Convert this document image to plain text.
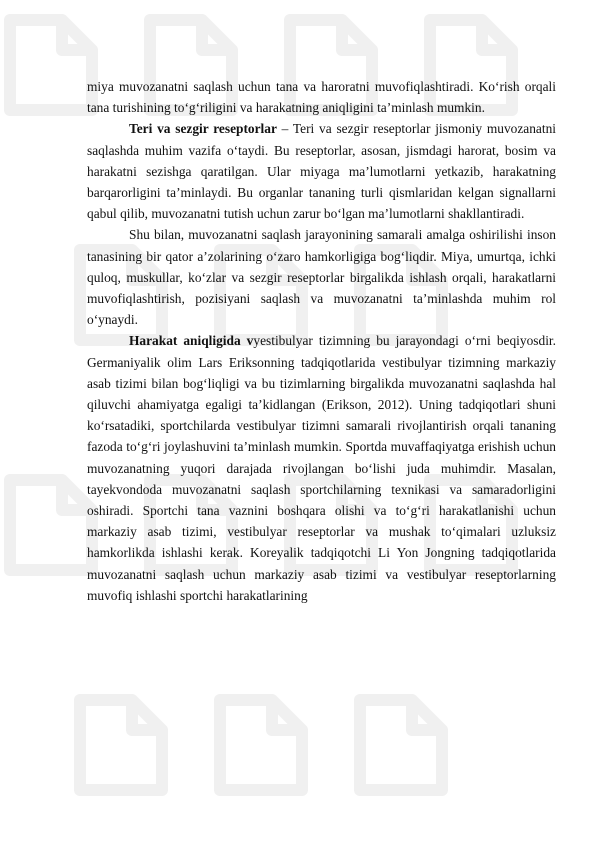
miya muvozanatni saqlash uchun tana va haroratni muvofiqlashtiradi. Ko‘rish orqali tana turishining to‘g‘riligini va harakatning aniqligini ta’minlash mumkin.

Teri va sezgir reseptorlar – Teri va sezgir reseptorlar jismoniy muvozanatni saqlashda muhim vazifa o‘taydi. Bu reseptorlar, asosan, jismdagi harorat, bosim va harakatni sezishga qaratilgan. Ular miyaga ma’lumotlarni yetkazib, harakatning barqarorligini ta’minlaydi. Bu organlar tananing turli qismlaridan kelgan signallarni qabul qilib, muvozanatni tutish uchun zarur bo‘lgan ma’lumotlarni shakllantiradi.

Shu bilan, muvozanatni saqlash jarayonining samarali amalga oshirilishi inson tanasining bir qator a’zolarining o‘zaro hamkorligiga bog‘liqdir. Miya, umurtqa, ichki quloq, muskullar, ko‘zlar va sezgir reseptorlar birgalikda ishlash orqali, harakatlarni muvofiqlashtirish, pozisiyani saqlash va muvozanatni ta’minlashda muhim rol o‘ynaydi.

Harakat aniqligida vyestibulyar tizimning bu jarayondagi o‘rni beqiyosdir. Germaniyalik olim Lars Eriksonning tadqiqotlarida vestibulyar tizimning markaziy asab tizimi bilan bog‘liqligi va bu tizimlarning birgalikda muvozanatni saqlashda hal qiluvchi ahamiyatga egaligi ta’kidlangan (Erikson, 2012). Uning tadqiqotlari shuni ko‘rsatadiki, sportchilarda vestibulyar tizimni samarali rivojlantirish orqali tananing fazoda to‘g‘ri joylashuvini ta’minlash mumkin. Sportda muvaffaqiyatga erishish uchun muvozanatning yuqori darajada rivojlangan bo‘lishi juda muhimdir. Masalan, tayekvondoda muvozanatni saqlash sportchilarning texnikasi va samaradorligini oshiradi. Sportchi tana vaznini boshqara olishi va to‘g‘ri harakatlanishi uchun markaziy asab tizimi, vestibulyar reseptorlar va mushak to‘qimalari uzluksiz hamkorlikda ishlashi kerak. Koreyalik tadqiqotchi Li Yon Jongning tadqiqotlarida muvozanatni saqlash uchun markaziy asab tizimi va vestibulyar reseptorlarning muvofiq ishlashi sportchi harakatlarining
